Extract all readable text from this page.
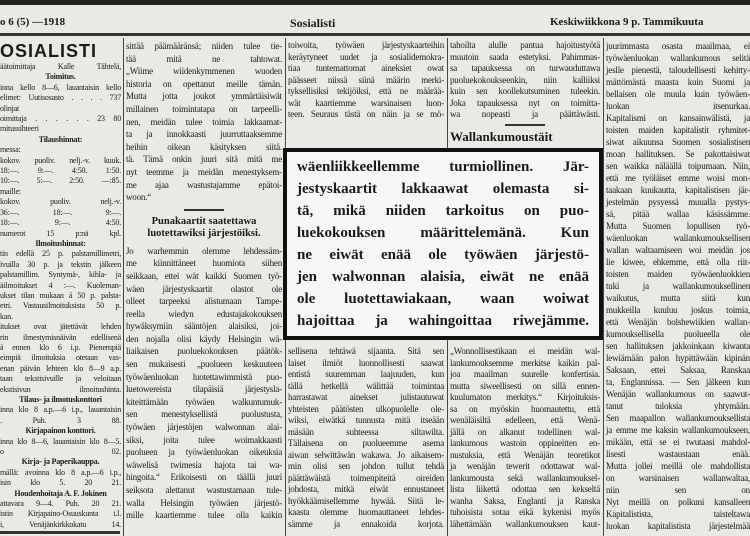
o 6 (5) —1918	Sosialisti	Keskiwiikkona 9 p. Tammikuuta
OSIALISTI
äätoimittaja Kalle Tähtelä,
Toimitus.
inna kello 8—6, lauantaisin kello
elimet: Uutisosasto . . . . 737
olinjat
oimittaja . . . . . . 23 80
mitussihteeri
Tilaushinnat:
messa:
kokov. puoliv. nelj.-v. kuuk.
18:—. 9:—. 4:50. 1:50.
10:—. 5:—. 2:50. —:85.
maille:
kokov. puoliv. nelj.-v.
36:—. 18:—. 9:—.
18:—. 9:—. 4:50.
numerot 15 p:nä kpl.
Ilmoitushinnat:
tin edellä 25 p. palstamillimetri,
ivuilla 30 p. ja tekstin jälkeen
palstamillim. Syntymä-, kihla- ja
äilmoitukset 4 :—. Kuoleman-
ukset tilan mukaan á 50 p. palsta-
etri. Vastausilmoituksista 50 p.
kan.
itukset ovat jätettävät lehden
rin ilmestymisnäivän edellisenä
ä ennen klo 6 i.p. Pienempiä
eimpiä ilmoituksia otetaan vas-
enan päivän lehteen klo 8—9 a.p.
taan tekstisivuille ja veloitaan
ekstisivun ilmoitushinta.
Tilaus- ja ilmotuskonttori
inna klo 8 a.p.—6 i.p., lauantaisin
. Puh. 3 88.
Kirjapainon konttori.
inna klo 8—6, lauantaisin klo 8—5.
o 02.
Kirja- ja Paperikauppa.
mällä: avoinna klo 8 a.p.—6 i.p.,
isin klo 5. 20 21.
Houdenhoitaja A. F. Jokinen
attavara 9—4. Puh. 20 21.
istin Kirjapaino-Osuuskunta i.l.
i, Venäjänkirkkokatu 14.
sittää päämääränsä; niiden tulee tie-
tää mitä ne tahtowat.
„Wiime wiidenkymmenen wuoden
historia on opettanut meille tämän.
Mutta jotta joukot ymmärtäisiwät
millainen toimintatapa on tarpeelli-
nen, meidän tulee toimia lakkaamat-
ta ja innokkaasti juurruttaaksemme
heihin oikean käsityksen siitä.
tä. Tämä onkin juuri sitä mitä me
nyt teemme ja meidän menestyksem-
me ajaa wastustajamme epätoi-
woon.“
Punakaartit saatettawa luotettawiksi järjestöiksi.
Jo warhemmin olemme lehdessäm-
me kiinnittäneet huomiota siihen
seikkaan, ettei wät kaikki Suomen työ-
wäen järjestyskaartit olastot ole
olleet tarpeeksi alistumaan Tampe-
reella wiedyn edustajakokouksen
hywäksymiin sääntöjen alaisiksi, joi-
den nojalla olisi käydy Helsingin wä-
liaikaisen puoluekokouksen päätök-
sen mukaisesti „puolueen keskuuteen
työwäenluokan luotettawimmistä puo-
luetowereista tilapäisiä järjestysla-
kiteittämään työwäen walkuntumuk-
sen menestyksellistä puolustusta,
työwäen järjestöjen walwonnan alai-
siksi, joita tulee woimakkaasti
puolueen ja työwäenluokan oikeuksia
wäwelisä twimesia hajota tai wa-
hingoita.“ Erikoisesti on täällä juuri
seiksota alettanut wastustamaan tule-
walla Helsingin työwäen järjestö-
mille kaartiemme tulee olla kaikin
toiwoita, työwäen järjestyskaarteihin
keräytyneet uudet ja sosialidemokra-
tiaa tuntemattomat aineksiet owat
päässeet niissä siinä määrin merki-
tyksellisiksi tekijöiksi, että ne määrää-
wät kaartiemme warsinaisen luon-
teen. Seuraus tästä on näin ja se mö-
sellisena tehtäwä sijaanta. Sitä sen
laiset ilmiöt luonnollisesti saawat
entistä suuremman laajuuden, kun
tällä hetkellä wälittää toimintaa
harrastawat ainekset julistautuwat
yhteisten päätösten ulkopuolelle ole-
wiksi, eiwätkä tunnusta mitä itseään
mäsään suhteessa siltawilta.
Tällaisena on puolueemme asema
aiwan selwittäwän wakawa. Jo aikaisem-
min olisi sen johdon tullut tehdä
päättäwäistä toimenpiteitä oireiden
johdosta, mitkä eiwät ennustaneet
hyökkäämisellemme hywää. Siitä le-
kaasta olemme huomauttaneet lehdes-
sämme ja ennakoida korjota.
tahoilta alulle pantua hajoitustyötä
muutoin saada estetyksi. Pahimmas-
sa tapauksessa on turwauduttawa
puoluekokoukseenkin, niin kalliiksi
kuin sen koollekutsuminen tuleekin.
Joka tapauksessa nyt on toimitta-
wa nopeasti ja päättäwästi.
Wallankumoustäit
„Wonnollisestikaan ei meidän wal-
lankumouksemme merkitse kaikin pal-
joa maailman suurelle konfertisia.
mutta siweellisesti on sillä ennen-
kuulumaton merkitys.“ Kirjoituksis-
sa on myöskin huomautettu, että
wenäläisiltä edelleen, että Wenä-
jällä on alkanut todellinen wal-
lankumous wastoin oppineitten en-
nustuksia, että Wenäjän teoretikot
ja wenäjän tewerit odottawat wal-
lankumousta sekä wallankumouksel-
lista liikettä odottaa sen kekseltä
wanha Saksa, Englanti ja Ranska
tuhoisista sotaa eikä kykenisi myös
lähettämään wallankumouksen kaut-
juurimmasta osasta maailmaa, ei
työwäenluokan wallankumous selitä
jeslle pienestä, taloudellisesti kehitty-
mättömästä maasta kuin Suomi ja
bellaisen ole muula kuin työwäen-
luokan itsenurkaa.
Kapitalismi on kansainwälistä, ja
toisten maiden kapitalistit ryhmitet-
siwat aikuunsa Suomen sosialistisen
moan hallituksen. Se pakottaisiwat
sen waikka näläällä toipumaan. Niin,
että me työläiset emme woisi mon-
taakaan kuukautta, kapitalistisen jär-
jestelmän pysyessä muualla pystys-
sä, pitää wallaa käsissämme.
Mutta Suomen lopullisen työ-
wäenluokan wallankumouksellisen
wallan waltaamiseen woi meidän jos
lie kiwee, ehkemme, että olla riit-
toisten maiden työwäenluokkien
tuki ja wallankumouksellinen
waikutus, mutta siitä kun
mukkeilla kuuluu joskus toimia,
että Wenäjän bolshewiikien wallan-
kumouksellisella puolueella ole
sen hallituksen jakkoinkaan kiwanta
lewiämään palon hypittäwään kipinän
Saksaan, ettei Saksaa, Ranskaa
ta, Englannissa. — Sen jälkeen kun
Wenäjän wallankumous on saawut-
tanut tuloksia yhtymään.
Sen maapallon wallankumouksellista
ja emme me kaksin wallankumoukseen,
mikään, että se ei twutaasi mahdol-
lisesti wastaustaan enää.
Mutta jollei meillä ole mahdollista
on warsinaisen wallanwaltaa,
niin sen on
Nyt meillä on polkuni kansalleen
Kapitalistista, taisteltawa
luokan kapitalistista järjestelmää
wäenliikkeellemme turmiollinen. Jär-
jestyskaartit lakkaawat olemasta si-
tä, mikä niiden tarkoitus on puo-
luekokouksen määrittelemänä. Kun
ne eiwät enää ole työwäen järjestö-
jen walwonnan alaisia, eiwät ne enää
ole luotettawiakaan, waan woiwat
hajoittaa ja wahingoittaa riwejämme.
